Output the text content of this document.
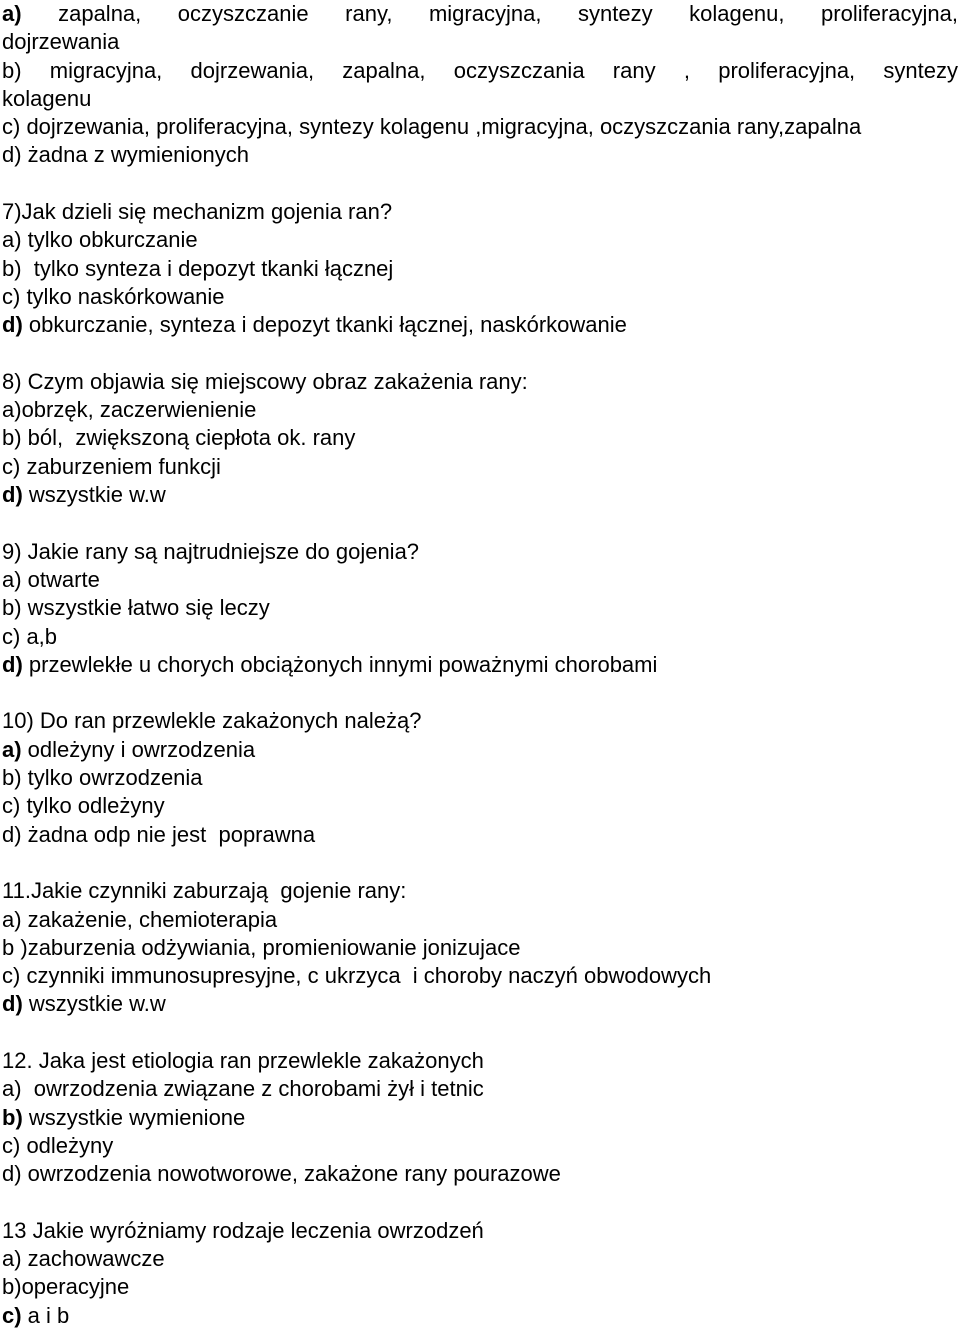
a) zapalna, oczyszczanie rany, migracyjna, syntezy kolagenu, proliferacyjna,
dojrzewania
b) migracyjna, dojrzewania, zapalna, oczyszczania rany , proliferacyjna, syntezy
kolagenu
c) dojrzewania, proliferacyjna, syntezy kolagenu ,migracyjna, oczyszczania rany,zapalna
d) żadna z wymienionych
7)Jak dzieli się mechanizm gojenia ran?
a) tylko obkurczanie
b)  tylko synteza i depozyt tkanki łącznej
c) tylko naskórkowanie
d) obkurczanie, synteza i depozyt tkanki łącznej, naskórkowanie
8) Czym objawia się miejscowy obraz zakażenia rany:
a)obrzęk, zaczerwienienie
b) ból,  zwiększoną ciepłota ok. rany
c) zaburzeniem funkcji
d) wszystkie w.w
9) Jakie rany są najtrudniejsze do gojenia?
a) otwarte
b) wszystkie łatwo się leczy
c) a,b
d) przewlekłe u chorych obciążonych innymi poważnymi chorobami
10) Do ran przewlekle zakażonych należą?
a) odleżyny i owrzodzenia
b) tylko owrzodzenia
c) tylko odleżyny
d) żadna odp nie jest  poprawna
11.Jakie czynniki zaburzają  gojenie rany:
a) zakażenie, chemioterapia
b )zaburzenia odżywiania, promieniowanie jonizujace
c) czynniki immunosupresyjne, c ukrzyca  i choroby naczyń obwodowych
d) wszystkie w.w
12. Jaka jest etiologia ran przewlekle zakażonych
a)  owrzodzenia związane z chorobami żył i tetnic
b) wszystkie wymienione
c) odleżyny
d) owrzodzenia nowotworowe, zakażone rany pourazowe
13 Jakie wyróżniamy rodzaje leczenia owrzodzeń
a) zachowawcze
b)operacyjne
c) a i b
